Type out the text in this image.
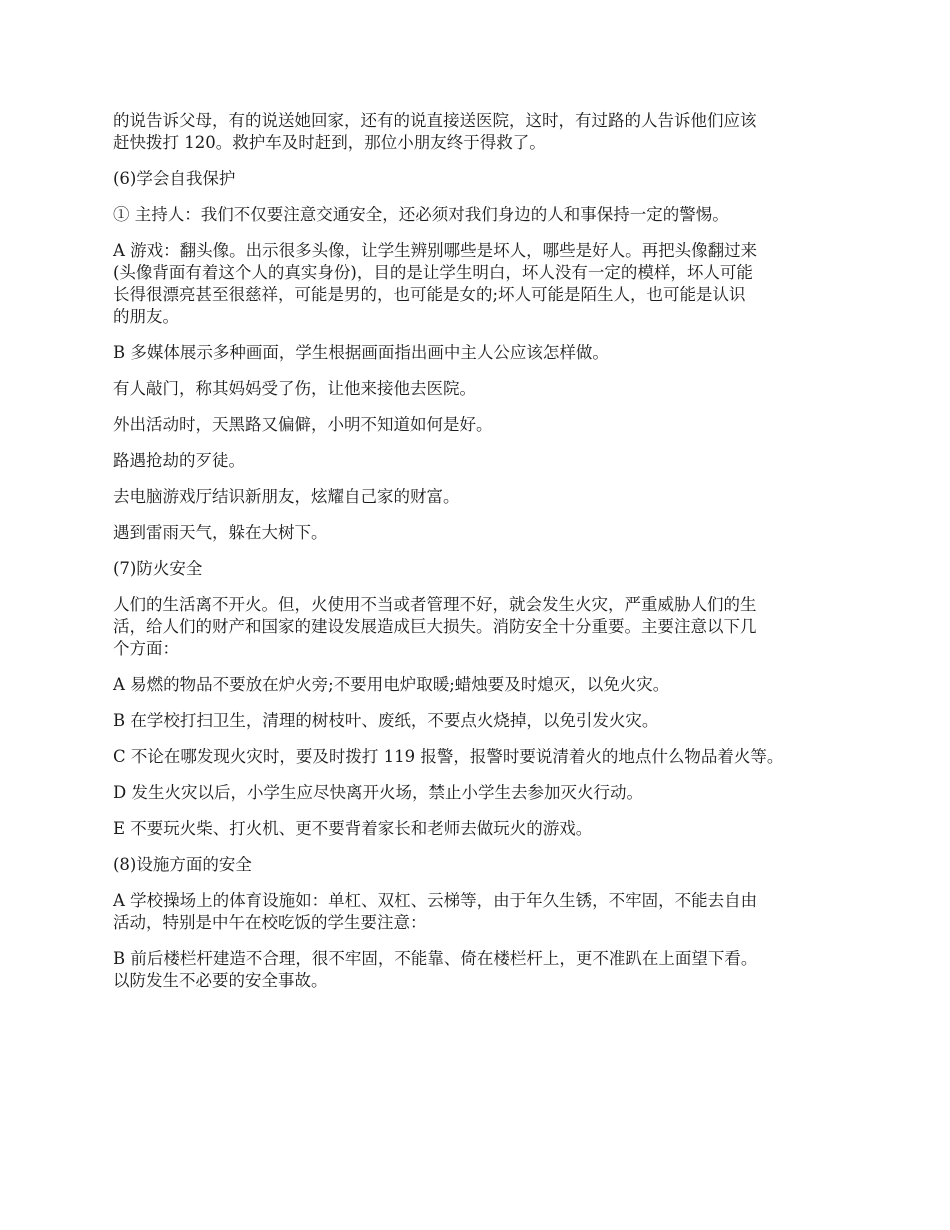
的说告诉父母，有的说送她回家，还有的说直接送医院，这时，有过路的人告诉他们应该
赶快拨打 120。救护车及时赶到，那位小朋友终于得救了。

(6)学会自我保护

① 主持人：我们不仅要注意交通安全，还必须对我们身边的人和事保持一定的警惕。

A 游戏：翻头像。出示很多头像，让学生辨别哪些是坏人，哪些是好人。再把头像翻过来
(头像背面有着这个人的真实身份)，目的是让学生明白，坏人没有一定的模样，坏人可能
长得很漂亮甚至很慈祥，可能是男的，也可能是女的;坏人可能是陌生人，也可能是认识
的朋友。

B 多媒体展示多种画面，学生根据画面指出画中主人公应该怎样做。

有人敲门，称其妈妈受了伤，让他来接他去医院。

外出活动时，天黑路又偏僻，小明不知道如何是好。

路遇抢劫的歹徒。

去电脑游戏厅结识新朋友，炫耀自己家的财富。

遇到雷雨天气，躲在大树下。

(7)防火安全

人们的生活离不开火。但，火使用不当或者管理不好，就会发生火灾，严重威胁人们的生
活，给人们的财产和国家的建设发展造成巨大损失。消防安全十分重要。主要注意以下几
个方面：

A 易燃的物品不要放在炉火旁;不要用电炉取暖;蜡烛要及时熄灭，以免火灾。

B 在学校打扫卫生，清理的树枝叶、废纸，不要点火烧掉，以免引发火灾。

C 不论在哪发现火灾时，要及时拨打 119 报警，报警时要说清着火的地点什么物品着火等。

D 发生火灾以后，小学生应尽快离开火场，禁止小学生去参加灭火行动。

E 不要玩火柴、打火机、更不要背着家长和老师去做玩火的游戏。

(8)设施方面的安全

A 学校操场上的体育设施如：单杠、双杠、云梯等，由于年久生锈，不牢固，不能去自由
活动，特别是中午在校吃饭的学生要注意：

B 前后楼栏杆建造不合理，很不牢固，不能靠、倚在楼栏杆上，更不准趴在上面望下看。
以防发生不必要的安全事故。
